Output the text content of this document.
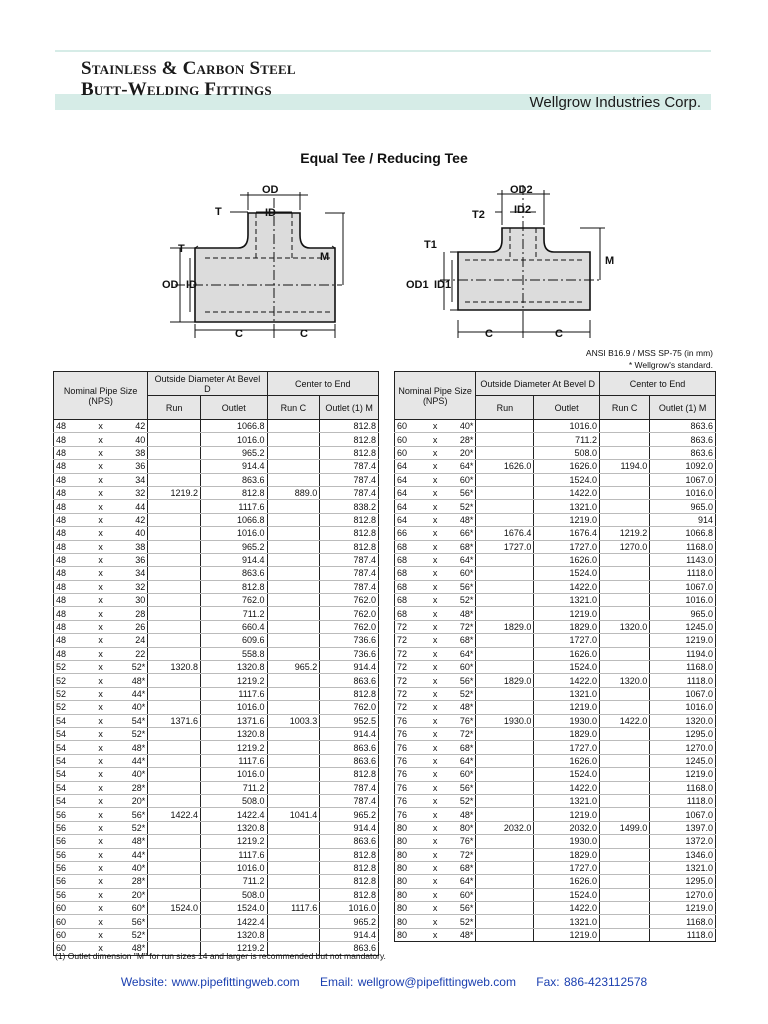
Stainless & Carbon Steel
Butt-Welding Fittings
Wellgrow Industries Corp.
Equal Tee / Reducing Tee
OD
T	ID
T
OD ID
M
C	C
OD2
T2	ID2
T1
OD1 ID1
M
C	C
ANSI B16.9 / MSS SP-75 (in mm)
* Wellgrow's standard.
Nominal Pipe Size (NPS)			Outside Diameter At Bevel D		Center to End	
			Run	Outlet	Run C	Outlet (1) M
48	x	42		1066.8		812.8
48	x	40		1016.0		812.8
48	x	38		965.2		812.8
48	x	36		914.4		787.4
48	x	34		863.6		787.4
48	x	32	1219.2	812.8	889.0	787.4
48	x	44		1117.6		838.2
48	x	42		1066.8		812.8
48	x	40		1016.0		812.8
48	x	38		965.2		812.8
48	x	36		914.4		787.4
48	x	34		863.6		787.4
48	x	32		812.8		787.4
48	x	30		762.0		762.0
48	x	28		711.2		762.0
48	x	26		660.4		762.0
48	x	24		609.6		736.6
48	x	22		558.8		736.6
52	x	52*	1320.8	1320.8	965.2	914.4
52	x	48*		1219.2		863.6
52	x	44*		1117.6		812.8
52	x	40*		1016.0		762.0
54	x	54*	1371.6	1371.6	1003.3	952.5
54	x	52*		1320.8		914.4
54	x	48*		1219.2		863.6
54	x	44*		1117.6		863.6
54	x	40*		1016.0		812.8
54	x	28*		711.2		787.4
54	x	20*		508.0		787.4
56	x	56*	1422.4	1422.4	1041.4	965.2
56	x	52*		1320.8		914.4
56	x	48*		1219.2		863.6
56	x	44*		1117.6		812.8
56	x	40*		1016.0		812.8
56	x	28*		711.2		812.8
56	x	20*		508.0		812.8
60	x	60*	1524.0	1524.0	1117.6	1016.0
60	x	56*		1422.4		965.2
60	x	52*		1320.8		914.4
60	x	48*		1219.2		863.6
Nominal Pipe Size (NPS)			Outside Diameter At Bevel D		Center to End	
			Run	Outlet	Run C	Outlet (1) M
60	x	40*		1016.0		863.6
60	x	28*		711.2		863.6
60	x	20*		508.0		863.6
64	x	64*	1626.0	1626.0	1194.0	1092.0
64	x	60*		1524.0		1067.0
64	x	56*		1422.0		1016.0
64	x	52*		1321.0		965.0
64	x	48*		1219.0		914
66	x	66*	1676.4	1676.4	1219.2	1066.8
68	x	68*	1727.0	1727.0	1270.0	1168.0
68	x	64*		1626.0		1143.0
68	x	60*		1524.0		1118.0
68	x	56*		1422.0		1067.0
68	x	52*		1321.0		1016.0
68	x	48*		1219.0		965.0
72	x	72*	1829.0	1829.0	1320.0	1245.0
72	x	68*		1727.0		1219.0
72	x	64*		1626.0		1194.0
72	x	60*		1524.0		1168.0
72	x	56*	1829.0	1422.0	1320.0	1118.0
72	x	52*		1321.0		1067.0
72	x	48*		1219.0		1016.0
76	x	76*	1930.0	1930.0	1422.0	1320.0
76	x	72*		1829.0		1295.0
76	x	68*		1727.0		1270.0
76	x	64*		1626.0		1245.0
76	x	60*		1524.0		1219.0
76	x	56*		1422.0		1168.0
76	x	52*		1321.0		1118.0
76	x	48*		1219.0		1067.0
80	x	80*	2032.0	2032.0	1499.0	1397.0
80	x	76*		1930.0		1372.0
80	x	72*		1829.0		1346.0
80	x	68*		1727.0		1321.0
80	x	64*		1626.0		1295.0
80	x	60*		1524.0		1270.0
80	x	56*		1422.0		1219.0
80	x	52*		1321.0		1168.0
80	x	48*		1219.0		1118.0
(1) Outlet dimension "M" for run sizes 14 and larger is recommended but not mandatory.
Website: www.pipefittingweb.com Email: wellgrow@pipefittingweb.com Fax: 886-423112578
